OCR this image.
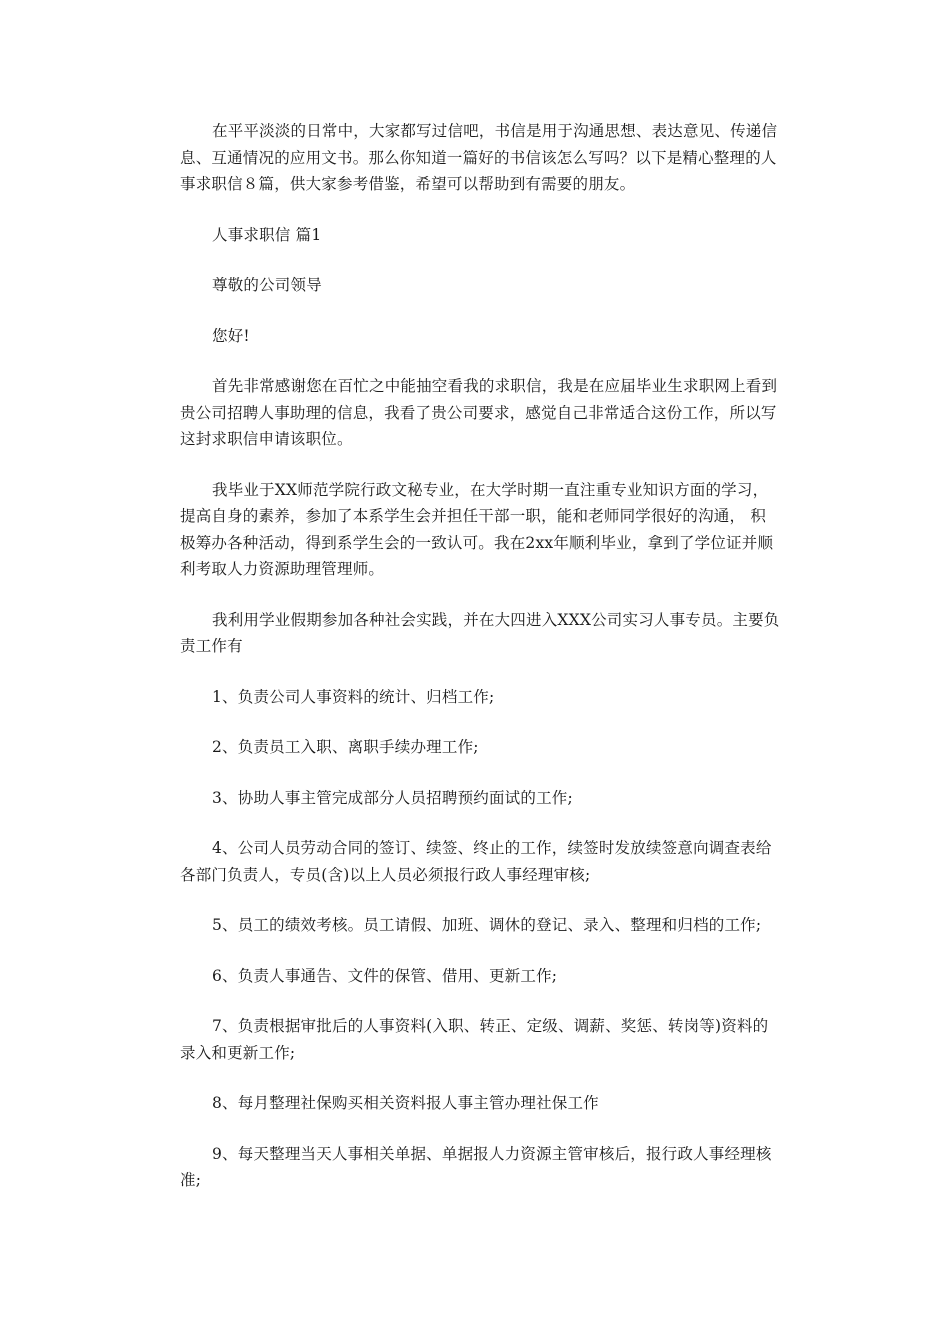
在平平淡淡的日常中，大家都写过信吧，书信是用于沟通思想、表达意见、传递信息、互通情况的应用文书。那么你知道一篇好的书信该怎么写吗？以下是精心整理的人事求职信８篇，供大家参考借鉴，希望可以帮助到有需要的朋友。

人事求职信 篇1

尊敬的公司领导

您好!

首先非常感谢您在百忙之中能抽空看我的求职信，我是在应届毕业生求职网上看到贵公司招聘人事助理的信息，我看了贵公司要求，感觉自己非常适合这份工作，所以写这封求职信申请该职位。

我毕业于XX师范学院行政文秘专业，在大学时期一直注重专业知识方面的学习，提高自身的素养，参加了本系学生会并担任干部一职，能和老师同学很好的沟通， 积极筹办各种活动，得到系学生会的一致认可。我在2xx年顺利毕业，拿到了学位证并顺利考取人力资源助理管理师。

我利用学业假期参加各种社会实践，并在大四进入XXX公司实习人事专员。主要负责工作有

1、负责公司人事资料的统计、归档工作;

2、负责员工入职、离职手续办理工作;

3、协助人事主管完成部分人员招聘预约面试的工作;

4、公司人员劳动合同的签订、续签、终止的工作，续签时发放续签意向调查表给各部门负责人，专员(含)以上人员必须报行政人事经理审核;

5、员工的绩效考核。员工请假、加班、调休的登记、录入、整理和归档的工作;

6、负责人事通告、文件的保管、借用、更新工作;

7、负责根据审批后的人事资料(入职、转正、定级、调薪、奖惩、转岗等)资料的录入和更新工作;

8、每月整理社保购买相关资料报人事主管办理社保工作

9、每天整理当天人事相关单据、单据报人力资源主管审核后，报行政人事经理核准;
